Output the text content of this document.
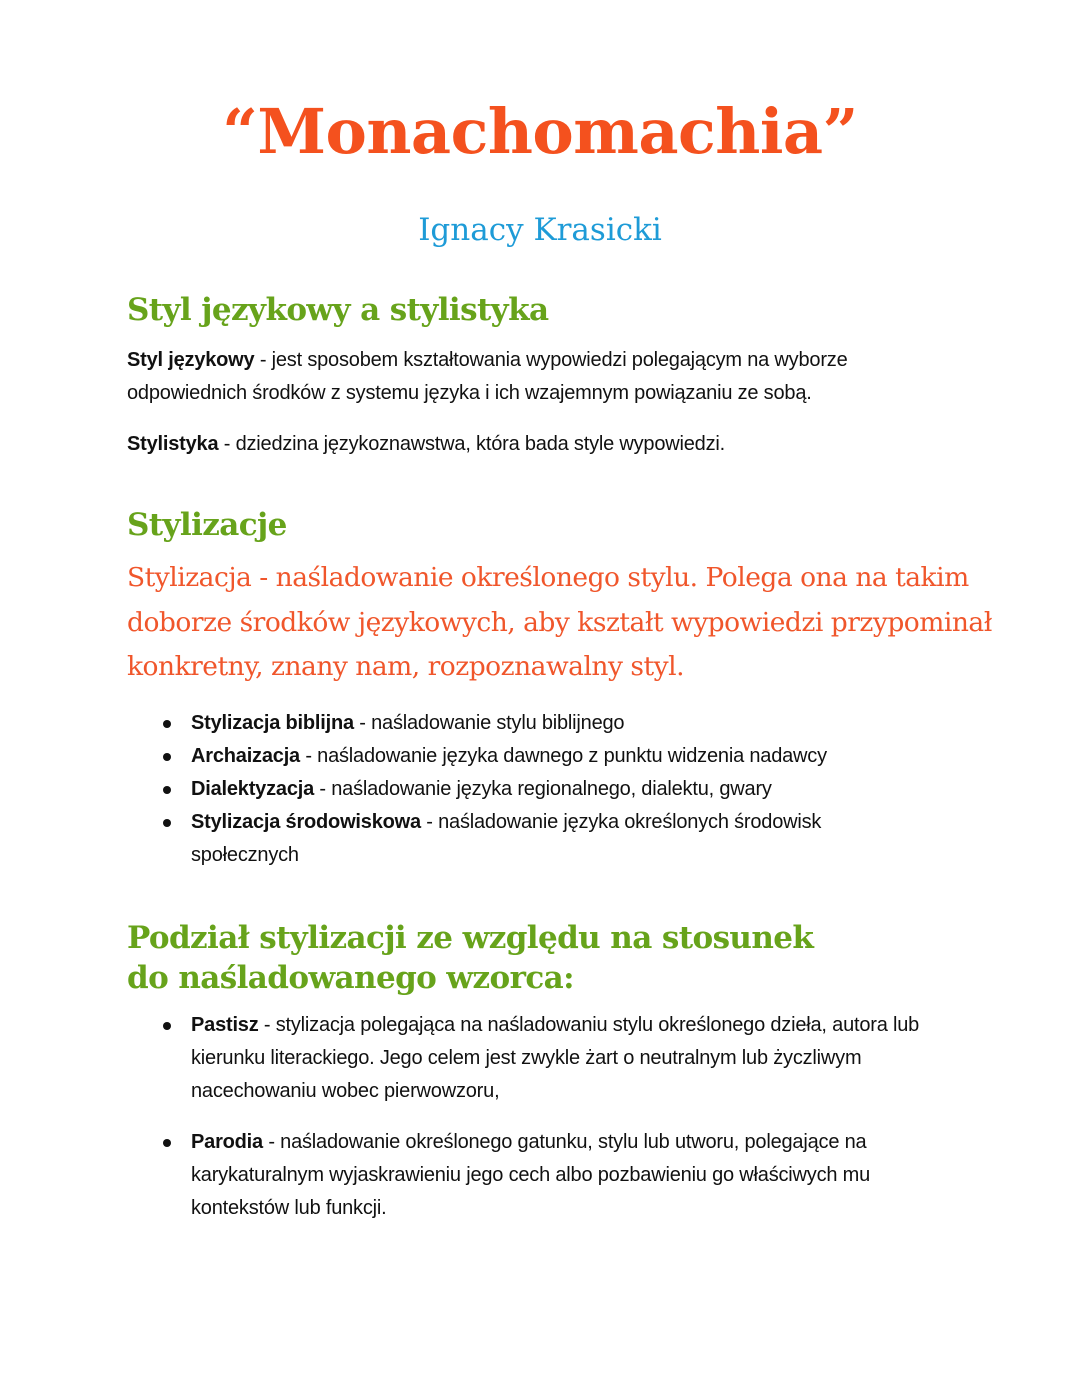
“Monachomachia”
Ignacy Krasicki
Styl językowy a stylistyka
Styl językowy - jest sposobem kształtowania wypowiedzi polegającym na wyborze odpowiednich środków z systemu języka i ich wzajemnym powiązaniu ze sobą.
Stylistyka - dziedzina językoznawstwa, która bada style wypowiedzi.
Stylizacje
Stylizacja - naśladowanie określonego stylu. Polega ona na takim doborze środków językowych, aby kształt wypowiedzi przypominał konkretny, znany nam, rozpoznawalny styl.
Stylizacja biblijna - naśladowanie stylu biblijnego
Archaizacja - naśladowanie języka dawnego z punktu widzenia nadawcy
Dialektyzacja - naśladowanie języka regionalnego, dialektu, gwary
Stylizacja środowiskowa - naśladowanie języka określonych środowisk społecznych
Podział stylizacji ze względu na stosunek do naśladowanego wzorca:
Pastisz - stylizacja polegająca na naśladowaniu stylu określonego dzieła, autora lub kierunku literackiego. Jego celem jest zwykle żart o neutralnym lub życzliwym nacechowaniu wobec pierwowzoru,
Parodia - naśladowanie określonego gatunku, stylu lub utworu, polegające na karykaturalnym wyjaskrawieniu jego cech albo pozbawieniu go właściwych mu kontekstów lub funkcji.
